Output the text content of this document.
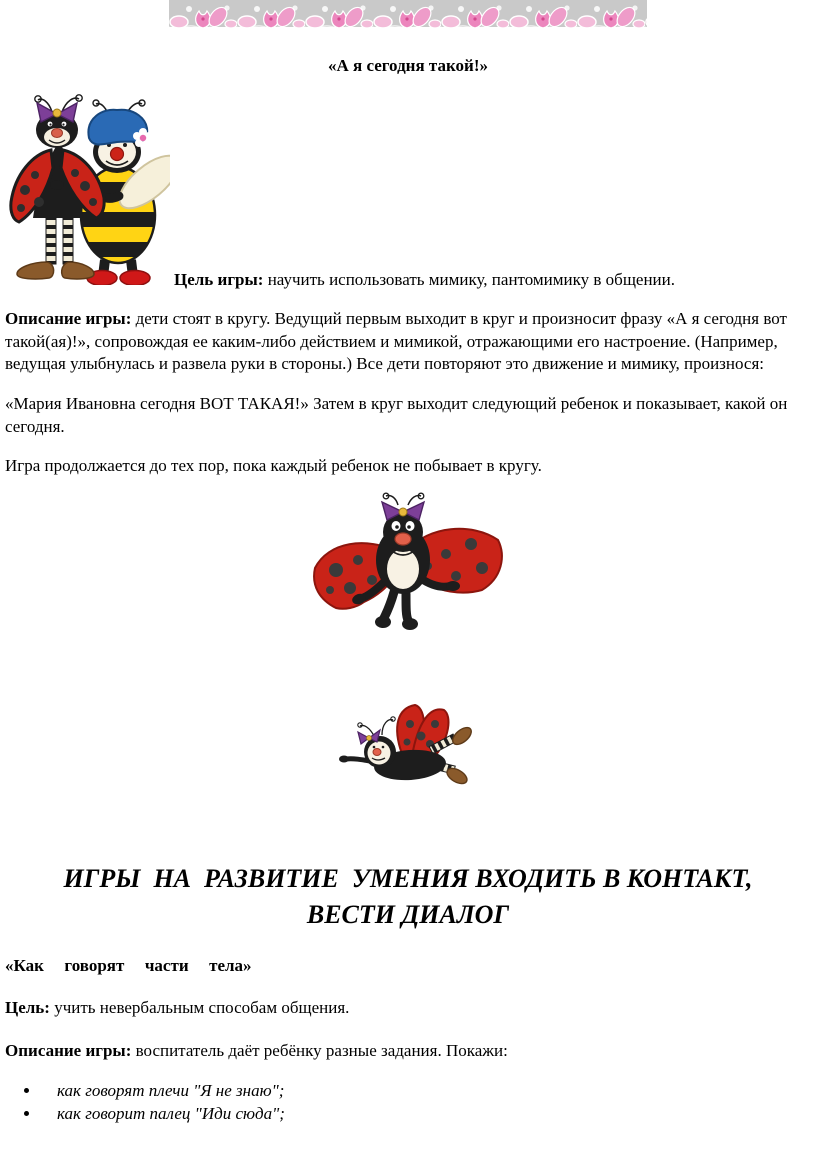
«А я сегодня такой!»

Цель игры: научить использовать мимику, пантомимику в общении.

Описание игры: дети стоят в кругу. Ведущий первым выходит в круг и произносит фразу «А я сегодня вот такой(ая)!», сопровождая ее каким-либо действием и мимикой, отражающими его настроение. (Например, ведущая улыбнулась и развела руки в стороны.) Все дети повторяют это движение и мимику, произнося:

«Мария Ивановна сегодня ВОТ ТАКАЯ!» Затем в круг выходит следующий ребенок и показывает, какой он сегодня.

Игра продолжается до тех пор, пока каждый ребенок не побывает в кругу.

ИГРЫ  НА  РАЗВИТИЕ  УМЕНИЯ ВХОДИТЬ В КОНТАКТ,
ВЕСТИ ДИАЛОГ

«Как  говорят  части  тела»

Цель: учить невербальным способам общения.

Описание игры: воспитатель даёт ребёнку разные задания. Покажи:

• как говорят плечи "Я не знаю";
• как говорит палец "Иди сюда";
